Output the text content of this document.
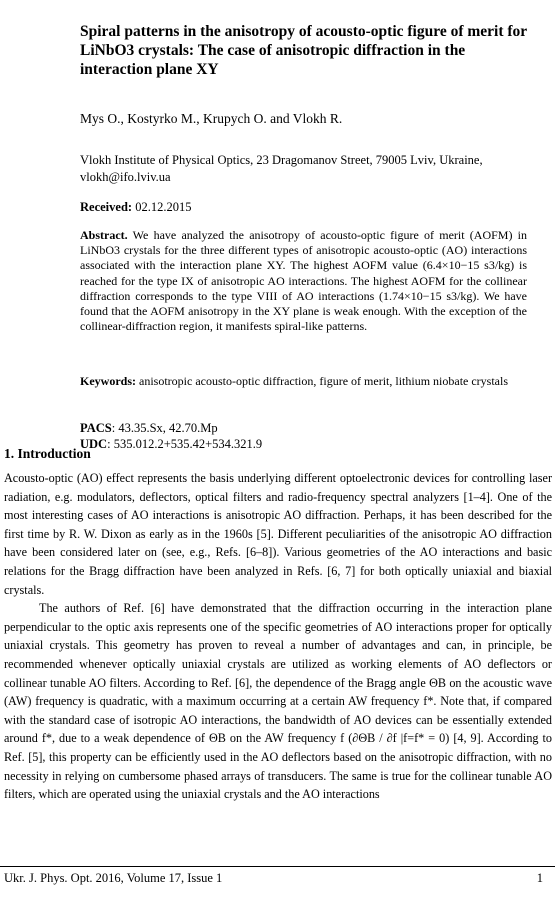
Spiral patterns in the anisotropy of acousto-optic figure of merit for LiNbO3 crystals: The case of anisotropic diffraction in the interaction plane XY
Mys O., Kostyrko M., Krupych O. and Vlokh R.
Vlokh Institute of Physical Optics, 23 Dragomanov Street, 79005 Lviv, Ukraine, vlokh@ifo.lviv.ua
Received: 02.12.2015
Abstract. We have analyzed the anisotropy of acousto-optic figure of merit (AOFM) in LiNbO3 crystals for the three different types of anisotropic acousto-optic (AO) interactions associated with the interaction plane XY. The highest AOFM value (6.4×10−15 s3/kg) is reached for the type IX of anisotropic AO interactions. The highest AOFM for the collinear diffraction corresponds to the type VIII of AO interactions (1.74×10−15 s3/kg). We have found that the AOFM anisotropy in the XY plane is weak enough. With the exception of the collinear-diffraction region, it manifests spiral-like patterns.
Keywords: anisotropic acousto-optic diffraction, figure of merit, lithium niobate crystals
PACS: 43.35.Sx, 42.70.Mp
UDC: 535.012.2+535.42+534.321.9
1. Introduction

Acousto-optic (AO) effect represents the basis underlying different optoelectronic devices for controlling laser radiation, e.g. modulators, deflectors, optical filters and radio-frequency spectral analyzers [1–4]. One of the most interesting cases of AO interactions is anisotropic AO diffraction. Perhaps, it has been described for the first time by R. W. Dixon as early as in the 1960s [5]. Different peculiarities of the anisotropic AO diffraction have been considered later on (see, e.g., Refs. [6–8]). Various geometries of the AO interactions and basic relations for the Bragg diffraction have been analyzed in Refs. [6, 7] for both optically uniaxial and biaxial crystals.

The authors of Ref. [6] have demonstrated that the diffraction occurring in the interaction plane perpendicular to the optic axis represents one of the specific geometries of AO interactions proper for optically uniaxial crystals. This geometry has proven to reveal a number of advantages and can, in principle, be recommended whenever optically uniaxial crystals are utilized as working elements of AO deflectors or collinear tunable AO filters. According to Ref. [6], the dependence of the Bragg angle ΘB on the acoustic wave (AW) frequency is quadratic, with a maximum occurring at a certain AW frequency f*. Note that, if compared with the standard case of isotropic AO interactions, the bandwidth of AO devices can be essentially extended around f*, due to a weak dependence of ΘB on the AW frequency f (∂ΘB / ∂f |f=f* = 0) [4, 9]. According to Ref. [5], this property can be efficiently used in the AO deflectors based on the anisotropic diffraction, with no necessity in relying on cumbersome phased arrays of transducers. The same is true for the collinear tunable AO filters, which are operated using the uniaxial crystals and the AO interactions

Ukr. J. Phys. Opt. 2016, Volume 17, Issue 1	1
